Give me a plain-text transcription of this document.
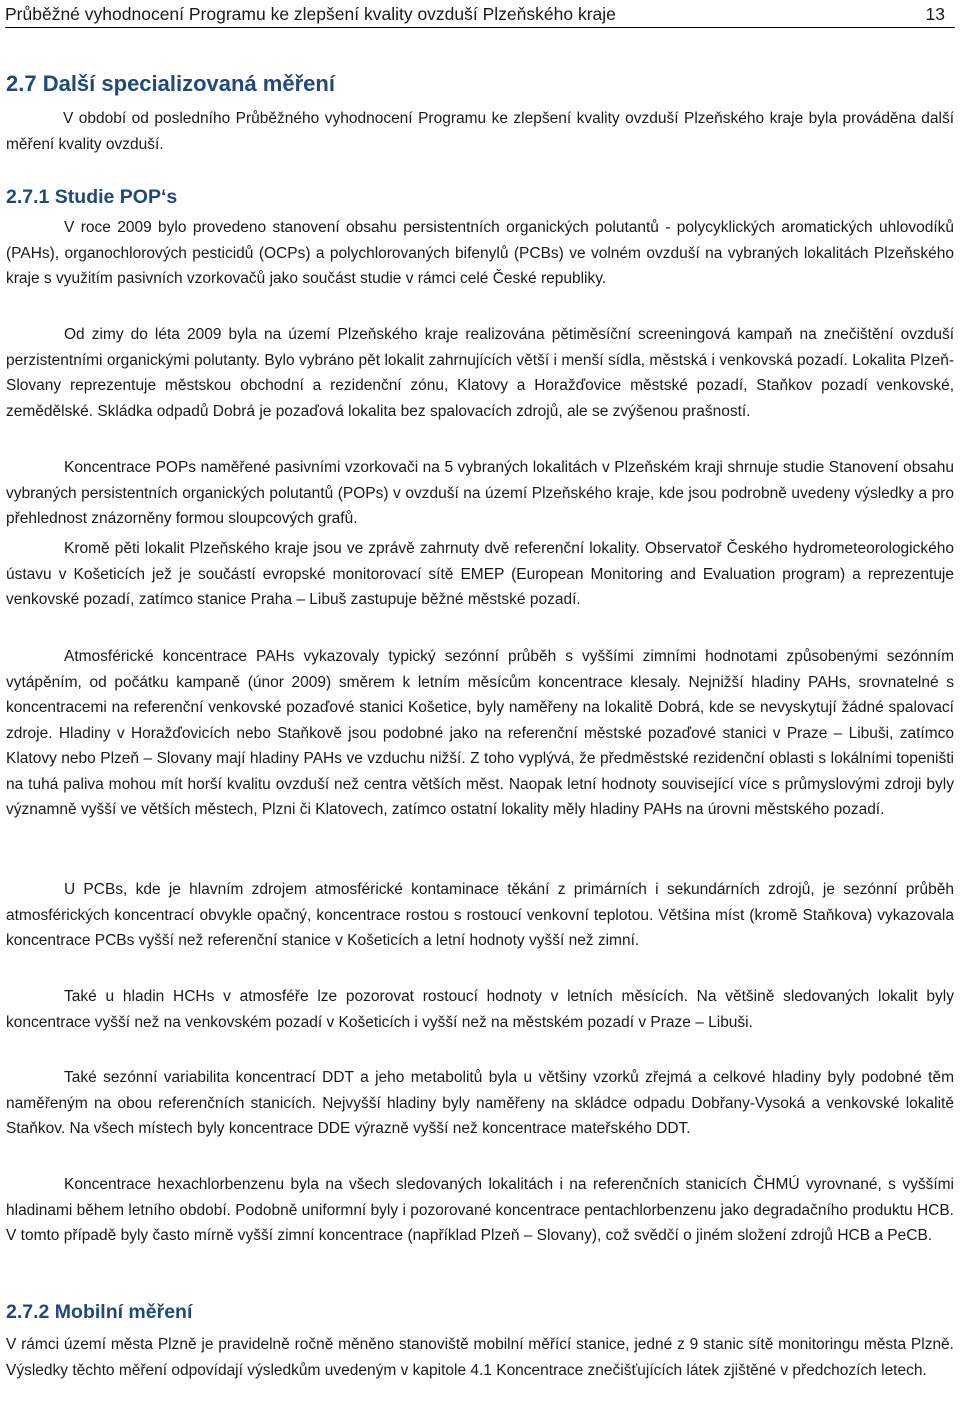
Průběžné vyhodnocení Programu ke zlepšení kvality ovzduší Plzeňského kraje	13
2.7 Další specializovaná měření

V období od posledního Průběžného vyhodnocení Programu ke zlepšení kvality ovzduší Plzeňského kraje byla prováděna další měření kvality ovzduší.

2.7.1 Studie POP‘s

V roce 2009 bylo provedeno stanovení obsahu persistentních organických polutantů - polycyklických aromatických uhlovodíků (PAHs), organochlorových pesticidů (OCPs) a polychlorovaných bifenylů (PCBs) ve volném ovzduší na vybraných lokalitách Plzeňského kraje s využitím pasivních vzorkovačů jako součást studie v rámci celé České republiky.

Od zimy do léta 2009 byla na území Plzeňského kraje realizována pětiměsíční screeningová kampaň na znečištění ovzduší perzistentními organickými polutanty. Bylo vybráno pět lokalit zahrnujících větší i menší sídla, městská i venkovská pozadí. Lokalita Plzeň-Slovany reprezentuje městskou obchodní a rezidenční zónu, Klatovy a Horažďovice městské pozadí, Staňkov pozadí venkovské, zemědělské. Skládka odpadů Dobrá je pozaďová lokalita bez spalovacích zdrojů, ale se zvýšenou prašností.

Koncentrace POPs naměřené pasivními vzorkovači na 5 vybraných lokalitách v Plzeňském kraji shrnuje studie Stanovení obsahu vybraných persistentních organických polutantů (POPs) v ovzduší na území Plzeňského kraje, kde jsou podrobně uvedeny výsledky a pro přehlednost znázorněny formou sloupcových grafů.

Kromě pěti lokalit Plzeňského kraje jsou ve zprávě zahrnuty dvě referenční lokality. Observatoř Českého hydrometeorologického ústavu v Košeticích jež je součástí evropské monitorovací sítě EMEP (European Monitoring and Evaluation program) a reprezentuje venkovské pozadí, zatímco stanice Praha – Libuš zastupuje běžné městské pozadí.

Atmosférické koncentrace PAHs vykazovaly typický sezónní průběh s vyššími zimními hodnotami způsobenými sezónním vytápěním, od počátku kampaně (únor 2009) směrem k letním měsícům koncentrace klesaly. Nejnižší hladiny PAHs, srovnatelné s koncentracemi na referenční venkovské pozaďové stanici Košetice, byly naměřeny na lokalitě Dobrá, kde se nevyskytují žádné spalovací zdroje. Hladiny v Horažďovicích nebo Staňkově jsou podobné jako na referenční městské pozaďové stanici v Praze – Libuši, zatímco Klatovy nebo Plzeň – Slovany mají hladiny PAHs ve vzduchu nižší. Z toho vyplývá, že předměstské rezidenční oblasti s lokálními topeništi na tuhá paliva mohou mít horší kvalitu ovzduší než centra větších měst. Naopak letní hodnoty související více s průmyslovými zdroji byly významně vyšší ve větších městech, Plzni či Klatovech, zatímco ostatní lokality měly hladiny PAHs na úrovni městského pozadí.

U PCBs, kde je hlavním zdrojem atmosférické kontaminace těkání z primárních i sekundárních zdrojů, je sezónní průběh atmosférických koncentrací obvykle opačný, koncentrace rostou s rostoucí venkovní teplotou. Většina míst (kromě Staňkova) vykazovala koncentrace PCBs vyšší než referenční stanice v Košeticích a letní hodnoty vyšší než zimní.

Také u hladin HCHs v atmosféře lze pozorovat rostoucí hodnoty v letních měsících. Na většině sledovaných lokalit byly koncentrace vyšší než na venkovském pozadí v Košeticích i vyšší než na městském pozadí v Praze – Libuši.

Také sezónní variabilita koncentrací DDT a jeho metabolitů byla u většiny vzorků zřejmá a celkové hladiny byly podobné těm naměřeným na obou referenčních stanicích. Nejvyšší hladiny byly naměřeny na skládce odpadu Dobřany-Vysoká a venkovské lokalitě Staňkov. Na všech místech byly koncentrace DDE výrazně vyšší než koncentrace mateřského DDT.

Koncentrace hexachlorbenzenu byla na všech sledovaných lokalitách i na referenčních stanicích ČHMÚ vyrovnané, s vyššími hladinami během letního období. Podobně uniformní byly i pozorované koncentrace pentachlorbenzenu jako degradačního produktu HCB. V tomto případě byly často mírně vyšší zimní koncentrace (například Plzeň – Slovany), což svědčí o jiném složení zdrojů HCB a PeCB.

2.7.2 Mobilní měření

V rámci území města Plzně je pravidelně ročně měněno stanoviště mobilní měřící stanice, jedné z 9 stanic sítě monitoringu města Plzně. Výsledky těchto měření odpovídají výsledkům uvedeným v kapitole 4.1 Koncentrace znečišťujících látek zjištěné v předchozích letech.
